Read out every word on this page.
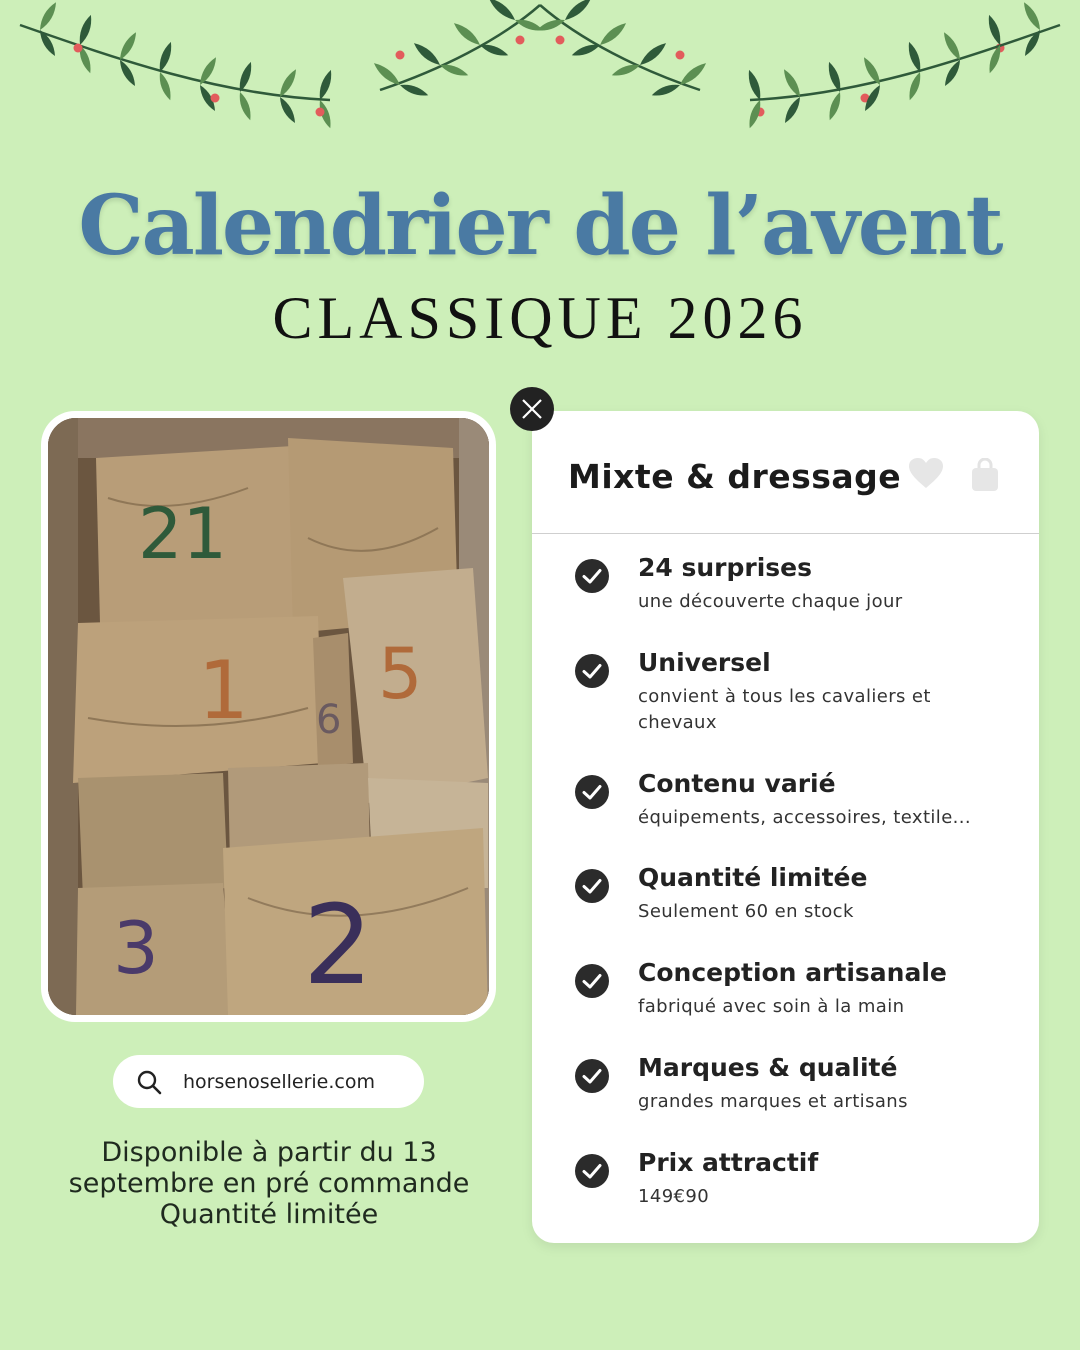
Calendrier de l’avent
CLASSIQUE 2026
21
1 5
6
3 2
horsenosellerie.com
Disponible à partir du 13
septembre en pré commande
Quantité limitée
Mixte & dressage
24 surprises
une découverte chaque jour
Universel
convient à tous les cavaliers et chevaux
Contenu varié
équipements, accessoires, textile...
Quantité limitée
Seulement 60 en stock
Conception artisanale
fabriqué avec soin à la main
Marques & qualité
grandes marques et artisans
Prix attractif
149€90
